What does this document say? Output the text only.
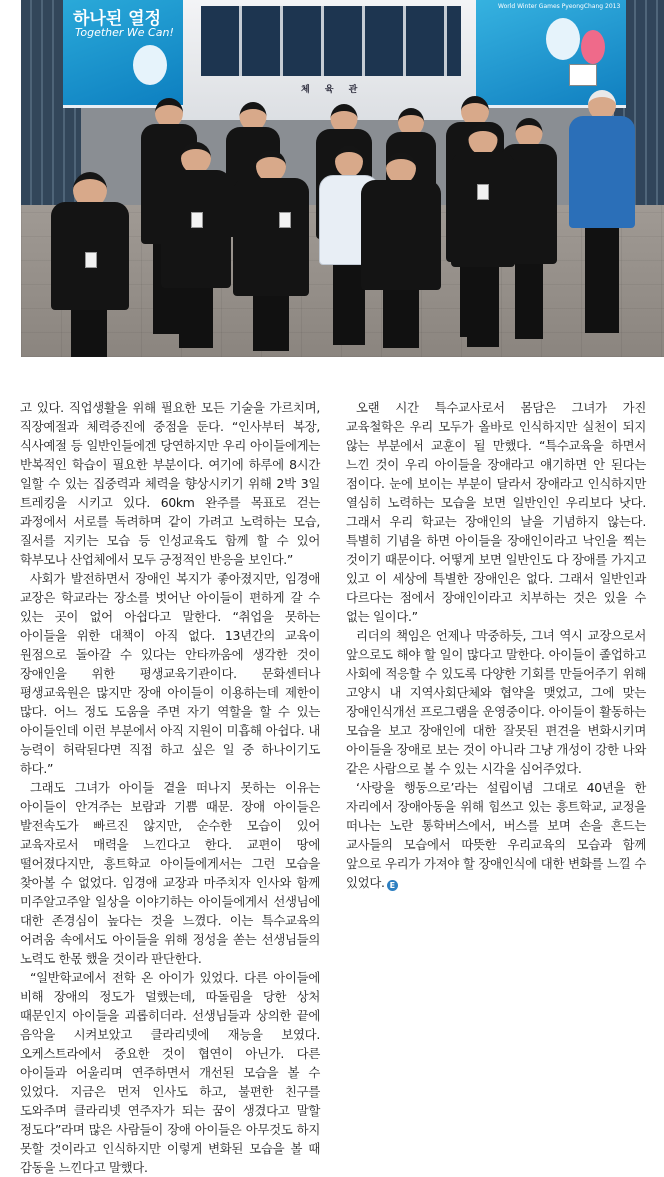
체 육 관
하나된 열정
Together We Can!
World Winter Games PyeongChang 2013

고 있다. 직업생활을 위해 필요한 모든 기술을 가르치며, 직장예절과 체력증진에 중점을 둔다. “인사부터 복장, 식사예절 등 일반인들에겐 당연하지만 우리 아이들에게는 반복적인 학습이 필요한 부분이다. 여기에 하루에 8시간 일할 수 있는 집중력과 체력을 향상시키기 위해 2박 3일 트레킹을 시키고 있다. 60km 완주를 목표로 걷는 과정에서 서로를 독려하며 같이 가려고 노력하는 모습, 질서를 지키는 모습 등 인성교육도 함께 할 수 있어 학부모나 산업체에서 모두 긍정적인 반응을 보인다.”

사회가 발전하면서 장애인 복지가 좋아졌지만, 임경애 교장은 학교라는 장소를 벗어난 아이들이 편하게 갈 수 있는 곳이 없어 아쉽다고 말한다. “취업을 못하는 아이들을 위한 대책이 아직 없다. 13년간의 교육이 원점으로 돌아갈 수 있다는 안타까움에 생각한 것이 장애인을 위한 평생교육기관이다. 문화센터나 평생교육원은 많지만 장애 아이들이 이용하는데 제한이 많다. 어느 정도 도움을 주면 자기 역할을 할 수 있는 아이들인데 이런 부분에서 아직 지원이 미흡해 아쉽다. 내 능력이 허락된다면 직접 하고 싶은 일 중 하나이기도 하다.”

그래도 그녀가 아이들 곁을 떠나지 못하는 이유는 아이들이 안겨주는 보람과 기쁨 때문. 장애 아이들은 발전속도가 빠르진 않지만, 순수한 모습이 있어 교육자로서 매력을 느낀다고 한다. 교편이 땅에 떨어졌다지만, 흥트학교 아이들에게서는 그런 모습을 찾아볼 수 없었다. 임경애 교장과 마주치자 인사와 함께 미주알고주알 일상을 이야기하는 아이들에게서 선생님에 대한 존경심이 높다는 것을 느꼈다. 이는 특수교육의 어려움 속에서도 아이들을 위해 정성을 쏟는 선생님들의 노력도 한몫 했을 것이라 판단한다.

“일반학교에서 전학 온 아이가 있었다. 다른 아이들에 비해 장애의 정도가 덜했는데, 따돌림을 당한 상처 때문인지 아이들을 괴롭히더라. 선생님들과 상의한 끝에 음악을 시켜보았고 클라리넷에 재능을 보였다. 오케스트라에서 중요한 것이 협연이 아닌가. 다른 아이들과 어울리며 연주하면서 개선된 모습을 볼 수 있었다. 지금은 먼저 인사도 하고, 불편한 친구를 도와주며 클라리넷 연주자가 되는 꿈이 생겼다고 말할 정도다”라며 많은 사람들이 장애 아이들은 아무것도 하지 못할 것이라고 인식하지만 이렇게 변화된 모습을 볼 때 감동을 느낀다고 말했다.

오랜 시간 특수교사로서 몸담은 그녀가 가진 교육철학은 우리 모두가 올바로 인식하지만 실천이 되지 않는 부분에서 교훈이 될 만했다. “특수교육을 하면서 느낀 것이 우리 아이들을 장애라고 얘기하면 안 된다는 점이다. 눈에 보이는 부분이 달라서 장애라고 인식하지만 열심히 노력하는 모습을 보면 일반인인 우리보다 낫다. 그래서 우리 학교는 장애인의 날을 기념하지 않는다. 특별히 기념을 하면 아이들을 장애인이라고 낙인을 찍는 것이기 때문이다. 어떻게 보면 일반인도 다 장애를 가지고 있고 이 세상에 특별한 장애인은 없다. 그래서 일반인과 다르다는 점에서 장애인이라고 치부하는 것은 있을 수 없는 일이다.”

리더의 책임은 언제나 막중하듯, 그녀 역시 교장으로서 앞으로도 해야 할 일이 많다고 말한다. 아이들이 졸업하고 사회에 적응할 수 있도록 다양한 기회를 만들어주기 위해 고양시 내 지역사회단체와 협약을 맺었고, 그에 맞는 장애인식개선 프로그램을 운영중이다. 아이들이 활동하는 모습을 보고 장애인에 대한 잘못된 편견을 변화시키며 아이들을 장애로 보는 것이 아니라 그냥 개성이 강한 나와 같은 사람으로 볼 수 있는 시각을 심어주었다.

‘사랑을 행동으로’라는 설립이념 그대로 40년을 한 자리에서 장애아동을 위해 힘쓰고 있는 흥트학교, 교정을 떠나는 노란 통학버스에서, 버스를 보며 손을 흔드는 교사들의 모습에서 따뜻한 우리교육의 모습과 함께 앞으로 우리가 가져야 할 장애인식에 대한 변화를 느낄 수 있었다. E
